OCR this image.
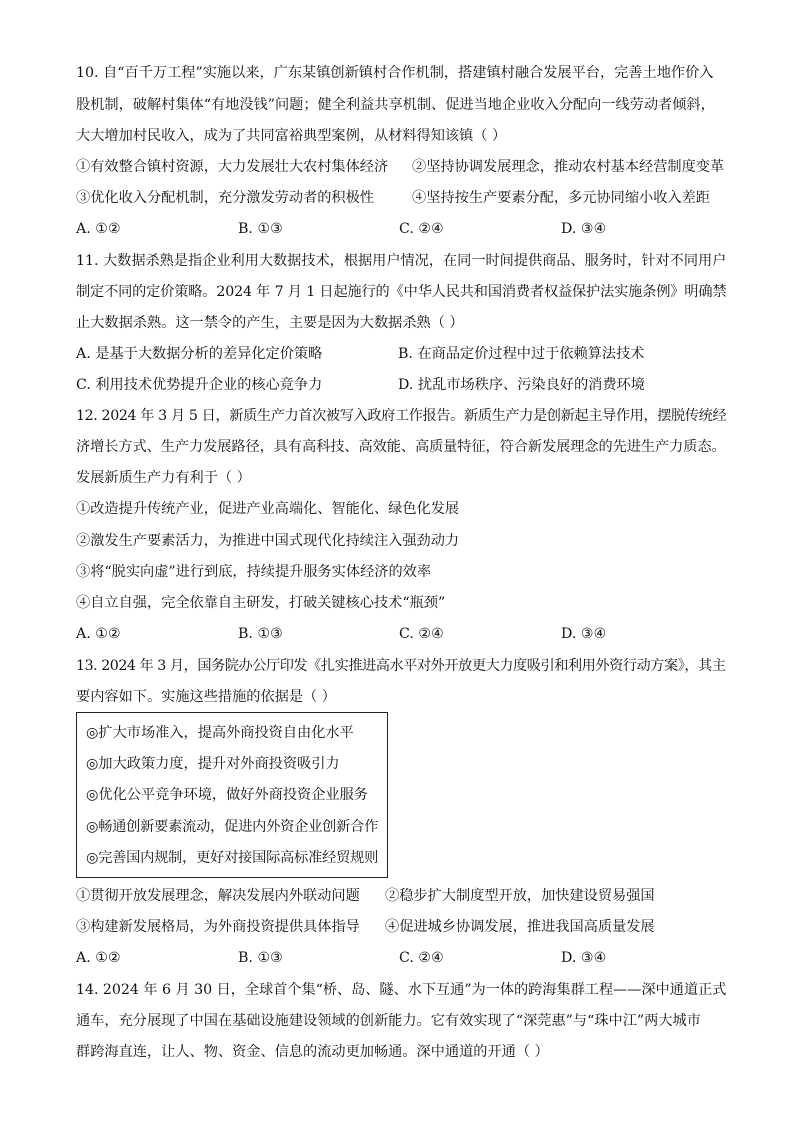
10. 自“百千万工程”实施以来，广东某镇创新镇村合作机制，搭建镇村融合发展平台，完善土地作价入
股机制，破解村集体“有地没钱”问题；健全利益共享机制、促进当地企业收入分配向一线劳动者倾斜，
大大增加村民收入，成为了共同富裕典型案例，从材料得知该镇（ ）
①有效整合镇村资源，大力发展壮大农村集体经济 ②坚持协调发展理念，推动农村基本经营制度变革
③优化收入分配机制，充分激发劳动者的积极性	④坚持按生产要素分配，多元协同缩小收入差距
A. ①②	B. ①③	C. ②④	D. ③④
11. 大数据杀熟是指企业利用大数据技术，根据用户情况，在同一时间提供商品、服务时，针对不同用户
制定不同的定价策略。2024 年 7 月 1 日起施行的《中华人民共和国消费者权益保护法实施条例》明确禁
止大数据杀熟。这一禁令的产生，主要是因为大数据杀熟（ ）
A. 是基于大数据分析的差异化定价策略	B. 在商品定价过程中过于依赖算法技术
C. 利用技术优势提升企业的核心竞争力	D. 扰乱市场秩序、污染良好的消费环境
12. 2024 年 3 月 5 日，新质生产力首次被写入政府工作报告。新质生产力是创新起主导作用，摆脱传统经
济增长方式、生产力发展路径，具有高科技、高效能、高质量特征，符合新发展理念的先进生产力质态。
发展新质生产力有利于（ ）
①改造提升传统产业，促进产业高端化、智能化、绿色化发展
②激发生产要素活力，为推进中国式现代化持续注入强劲动力
③将“脱实向虚”进行到底，持续提升服务实体经济的效率
④自立自强，完全依靠自主研发，打破关键核心技术“瓶颈”
A. ①②	B. ①③	C. ②④	D. ③④
13. 2024 年 3 月，国务院办公厅印发《扎实推进高水平对外开放更大力度吸引和利用外资行动方案》，其主
要内容如下。实施这些措施的依据是（ ）
◎扩大市场准入，提高外商投资自由化水平
◎加大政策力度，提升对外商投资吸引力
◎优化公平竞争环境，做好外商投资企业服务
◎畅通创新要素流动，促进内外资企业创新合作
◎完善国内规制，更好对接国际高标准经贸规则
①贯彻开放发展理念，解决发展内外联动问题 ②稳步扩大制度型开放，加快建设贸易强国
③构建新发展格局，为外商投资提供具体指导 ④促进城乡协调发展，推进我国高质量发展
A. ①②	B. ①③	C. ②④	D. ③④
14. 2024 年 6 月 30 日，全球首个集“桥、岛、隧、水下互通”为一体的跨海集群工程——深中通道正式
通车，充分展现了中国在基础设施建设领域的创新能力。它有效实现了“深莞惠”与“珠中江”两大城市
群跨海直连，让人、物、资金、信息的流动更加畅通。深中通道的开通（ ）
